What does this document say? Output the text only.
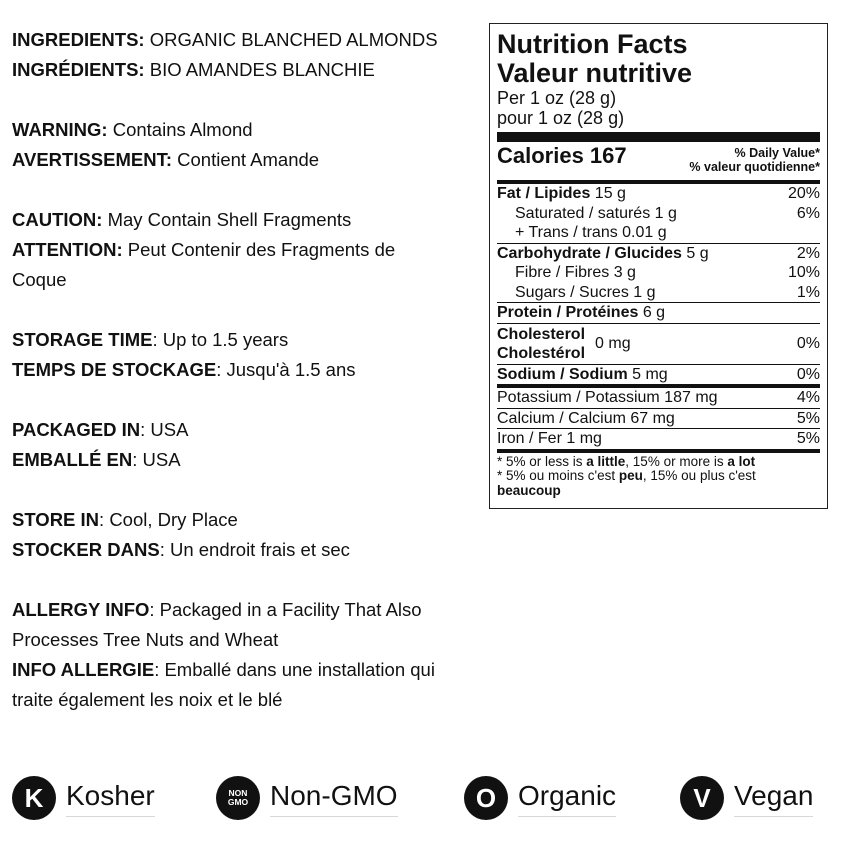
INGREDIENTS: ORGANIC BLANCHED ALMONDS
INGRÉDIENTS: BIO AMANDES BLANCHIE

WARNING: Contains Almond
AVERTISSEMENT: Contient Amande

CAUTION: May Contain Shell Fragments
ATTENTION: Peut Contenir des Fragments de Coque

STORAGE TIME: Up to 1.5 years
TEMPS DE STOCKAGE: Jusqu'à 1.5 ans

PACKAGED IN: USA
EMBALLÉ EN: USA

STORE IN: Cool, Dry Place
STOCKER DANS: Un endroit frais et sec

ALLERGY INFO: Packaged in a Facility That Also Processes Tree Nuts and Wheat
INFO ALLERGIE: Emballé dans une installation qui traite également les noix et le blé

Nutrition Facts
Valeur nutritive
Per 1 oz (28 g)
pour 1 oz (28 g)
Calories 167	% Daily Value*
% valeur quotidienne*
Fat / Lipides 15 g	20%
Saturated / saturés 1 g	6%
+ Trans / trans 0.01 g
Carbohydrate / Glucides 5 g	2%
Fibre / Fibres 3 g	10%
Sugars / Sucres 1 g	1%
Protein / Protéines 6 g
Cholesterol
Cholestérol
0 mg	0%
Sodium / Sodium 5 mg	0%
Potassium / Potassium 187 mg	4%
Calcium / Calcium 67 mg	5%
Iron / Fer 1 mg	5%
* 5% or less is a little, 15% or more is a lot
* 5% ou moins c'est peu, 15% ou plus c'est beaucoup
K Kosher	NON
GMO Non-GMO	O Organic	V Vegan
